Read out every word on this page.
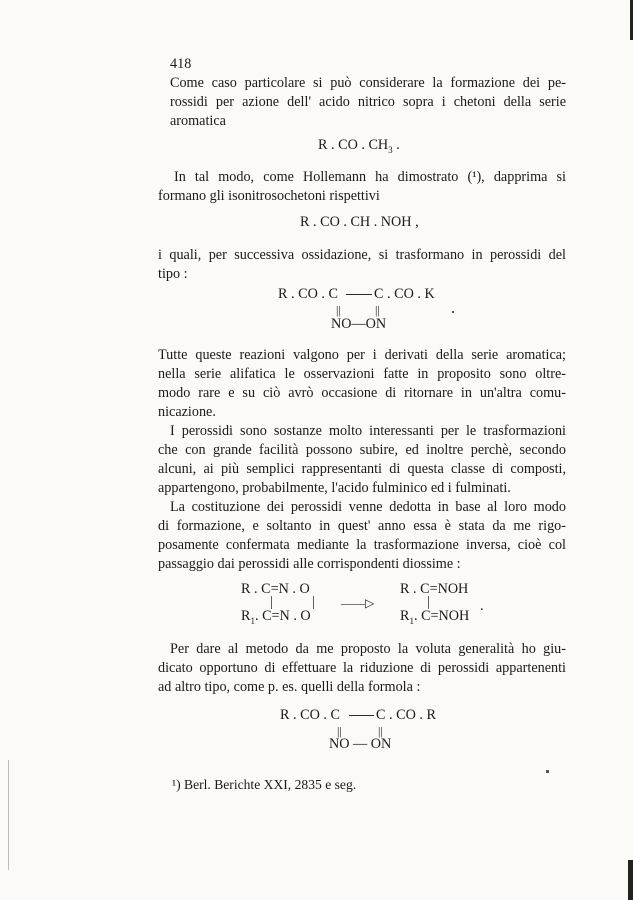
418
Come caso particolare si può considerare la formazione dei pe-
rossidi per azione dell' acido nitrico sopra i chetoni della serie
aromatica
R . CO . $CH_3$ .
In tal modo, come Hollemann ha dimostrato (¹), dapprima si
formano gli isonitrosochetoni rispettivi
R . CO . CH . NOH ,
i quali, per successiva ossidazione, si trasformano in perossidi del
tipo :
R . CO . C	C . CO . K
||	||
NO—ON
Tutte queste reazioni valgono per i derivati della serie aromatica;
nella serie alifatica le osservazioni fatte in proposito sono oltre-
modo rare e su ciò avrò occasione di ritornare in un'altra comu-
nicazione.
I perossidi sono sostanze molto interessanti per le trasformazioni
che con grande facilità possono subire, ed inoltre perchè, secondo
alcuni, ai più semplici rappresentanti di questa classe di composti,
appartengono, probabilmente, l'acido fulminico ed i fulminati.
La costituzione dei perossidi venne dedotta in base al loro modo
di formazione, e soltanto in quest' anno essa è stata da me rigo-
posamente confermata mediante la trasformazione inversa, cioè col
passaggio dai perossidi alle corrispondenti diossime :
R . C=N . O
|	|
$R_1$. C=N . O
——▷
R . C=NOH
|
$R_1$. C=NOH
.
Per dare al metodo da me proposto la voluta generalità ho giu-
dicato opportuno di effettuare la riduzione di perossidi appartenenti
ad altro tipo, come p. es. quelli della formola :
R . CO . C	C . CO . R
||	||
NO — ON
¹) Berl. Berichte XXI, 2835 e seg.
